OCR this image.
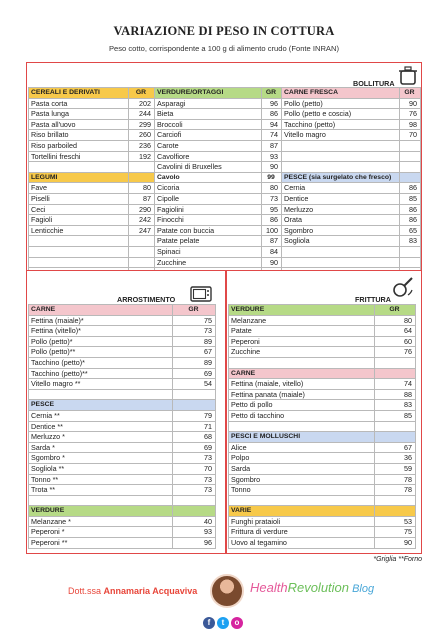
VARIAZIONE DI PESO IN COTTURA
Peso cotto, corrispondente a 100 g di alimento crudo (Fonte INRAN)
BOLLITURA
CEREALI E DERIVATI	GR	VERDURE/ORTAGGI	GR	CARNE FRESCA	GR
Pasta corta	202	Asparagi	96	Pollo (petto)	90
Pasta lunga	244	Bieta	86	Pollo (petto e coscia)	76
Pasta all'uovo	299	Broccoli	94	Tacchino (petto)	98
Riso brillato	260	Carciofi	74	Vitello magro	70
Riso parboiled	236	Carote	87		
Tortellini freschi	192	Cavolfiore	93		
		Cavolini di Bruxelles	90		
LEGUMI		Cavolo	99	PESCE (sia surgelato che fresco)	
Fave	80	Cicoria	80	Cernia	86
Piselli	87	Cipolle	73	Dentice	85
Ceci	290	Fagiolini	95	Merluzzo	86
Fagioli	242	Finocchi	86	Orata	86
Lenticchie	247	Patate con buccia	100	Sgombro	65
		Patate pelate	87	Sogliola	83
		Spinaci	84		
		Zucchine	90		

ARROSTIMENTO
CARNE	GR
Fettina (maiale)*	75
Fettina (vitello)*	73
Pollo (petto)*	89
Pollo (petto)**	67
Tacchino (petto)*	89
Tacchino (petto)**	69
Vitello magro **	54

PESCE	
Cernia **	79
Dentice **	71
Merluzzo *	68
Sarda *	69
Sgombro *	73
Sogliola **	70
Tonno **	73
Trota **	73

VERDURE	
Melanzane *	40
Peperoni *	93
Peperoni **	96
FRITTURA
VERDURE	GR
Melanzane	80
Patate	64
Peperoni	60
Zucchine	76

CARNE	
Fettina (maiale, vitello)	74
Fettina panata (maiale)	88
Petto di pollo	83
Petto di tacchino	85

PESCI E MOLLUSCHI	
Alice	67
Polpo	36
Sarda	59
Sgombro	78
Tonno	78

VARIE	
Funghi prataioli	53
Frittura di verdure	75
Uovo al tegamino	90
*Griglia **Forno
Dott.ssa Annamaria Acquaviva	HealthRevolution Blog
f	t	o
